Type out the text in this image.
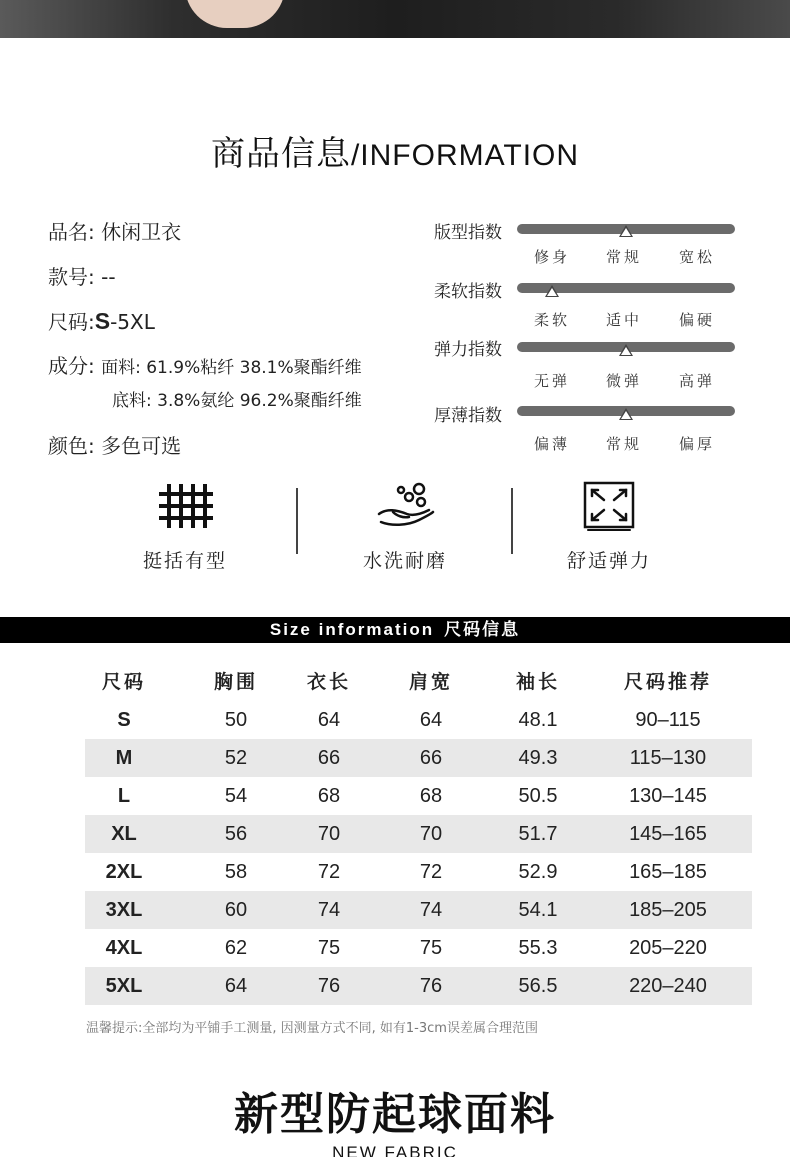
商品信息/INFORMATION
品名: 休闲卫衣
款号: --
尺码:S-5XL
成分: 面料: 61.9%粘纤 38.1%聚酯纤维
底料: 3.8%氨纶 96.2%聚酯纤维
颜色: 多色可选
版型指数
修身 常规 宽松
柔软指数
柔软 适中 偏硬
弹力指数
无弹 微弹 高弹
厚薄指数
偏薄 常规 偏厚
挺括有型	水洗耐磨	舒适弹力
Size information 尺码信息
尺码	胸围	衣长	肩宽	袖长	尺码推荐
S	50	64	64	48.1	90–115
M	52	66	66	49.3	115–130
L	54	68	68	50.5	130–145
XL	56	70	70	51.7	145–165
2XL	58	72	72	52.9	165–185
3XL	60	74	74	54.1	185–205
4XL	62	75	75	55.3	205–220
5XL	64	76	76	56.5	220–240
温馨提示:全部均为平铺手工测量, 因测量方式不同, 如有1-3cm误差属合理范围
新型防起球面料
NEW FABRIC
